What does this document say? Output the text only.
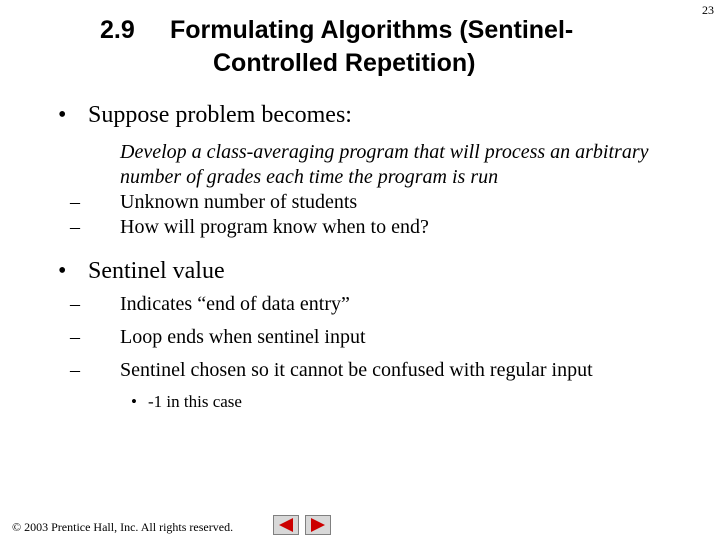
23
2.9 Formulating Algorithms (Sentinel-
Controlled Repetition)
• Suppose problem becomes:
Develop a class-averaging program that will process an arbitrary number of grades each time the program is run
– Unknown number of students
– How will program know when to end?
• Sentinel value
– Indicates “end of data entry”
– Loop ends when sentinel input
– Sentinel chosen so it cannot be confused with regular input
• -1 in this case
© 2003 Prentice Hall, Inc. All rights reserved.
